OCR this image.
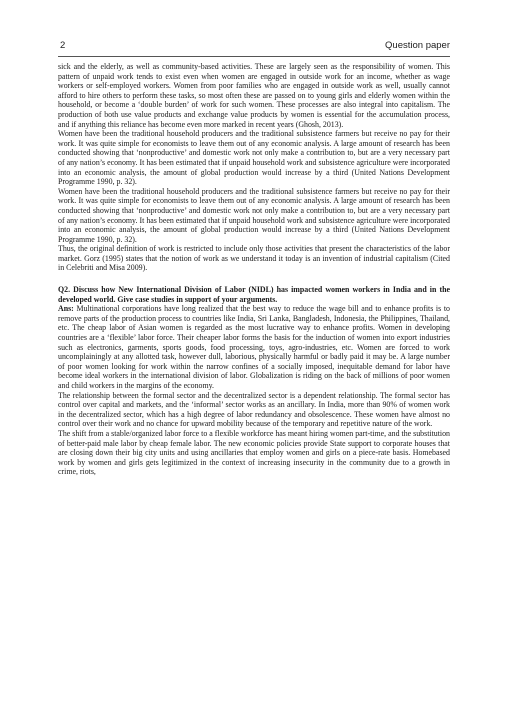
2	Question paper

sick and the elderly, as well as community-based activities. These are largely seen as the responsibility of women. This pattern of unpaid work tends to exist even when women are engaged in outside work for an income, whether as wage workers or self-employed workers. Women from poor families who are engaged in outside work as well, usually cannot afford to hire others to perform these tasks, so most often these are passed on to young girls and elderly women within the household, or become a ‘double burden’ of work for such women. These processes are also integral into capitalism. The production of both use value products and exchange value products by women is essential for the accumulation process, and if anything this reliance has become even more marked in recent years (Ghosh, 2013).

Women have been the traditional household producers and the traditional subsistence farmers but receive no pay for their work. It was quite simple for economists to leave them out of any economic analysis. A large amount of research has been conducted showing that ‘nonproductive’ and domestic work not only make a contribution to, but are a very necessary part of any nation’s economy. It has been estimated that if unpaid household work and subsistence agriculture were incorporated into an economic analysis, the amount of global production would increase by a third (United Nations Development Programme 1990, p. 32).

Women have been the traditional household producers and the traditional subsistence farmers but receive no pay for their work. It was quite simple for economists to leave them out of any economic analysis. A large amount of research has been conducted showing that ‘nonproductive’ and domestic work not only make a contribution to, but are a very necessary part of any nation’s economy. It has been estimated that if unpaid household work and subsistence agriculture were incorporated into an economic analysis, the amount of global production would increase by a third (United Nations Development Programme 1990, p. 32).

Thus, the original definition of work is restricted to include only those activities that present the characteristics of the labor market. Gorz (1995) states that the notion of work as we understand it today is an invention of industrial capitalism (Cited in Celebriti and Misa 2009).

Q2. Discuss how New International Division of Labor (NIDL) has impacted women workers in India and in the developed world. Give case studies in support of your arguments.

Ans: Multinational corporations have long realized that the best way to reduce the wage bill and to enhance profits is to remove parts of the production process to countries like India, Sri Lanka, Bangladesh, Indonesia, the Philippines, Thailand, etc. The cheap labor of Asian women is regarded as the most lucrative way to enhance profits. Women in developing countries are a ‘flexible’ labor force. Their cheaper labor forms the basis for the induction of women into export industries such as electronics, garments, sports goods, food processing, toys, agro-industries, etc. Women are forced to work uncomplainingly at any allotted task, however dull, laborious, physically harmful or badly paid it may be. A large number of poor women looking for work within the narrow confines of a socially imposed, inequitable demand for labor have become ideal workers in the international division of labor. Globalization is riding on the back of millions of poor women and child workers in the margins of the economy.

The relationship between the formal sector and the decentralized sector is a dependent relationship. The formal sector has control over capital and markets, and the ‘informal’ sector works as an ancillary. In India, more than 90% of women work in the decentralized sector, which has a high degree of labor redundancy and obsolescence. These women have almost no control over their work and no chance for upward mobility because of the temporary and repetitive nature of the work.

The shift from a stable/organized labor force to a flexible workforce has meant hiring women part-time, and the substitution of better-paid male labor by cheap female labor. The new economic policies provide State support to corporate houses that are closing down their big city units and using ancillaries that employ women and girls on a piece-rate basis. Homebased work by women and girls gets legitimized in the context of increasing insecurity in the community due to a growth in crime, riots,
